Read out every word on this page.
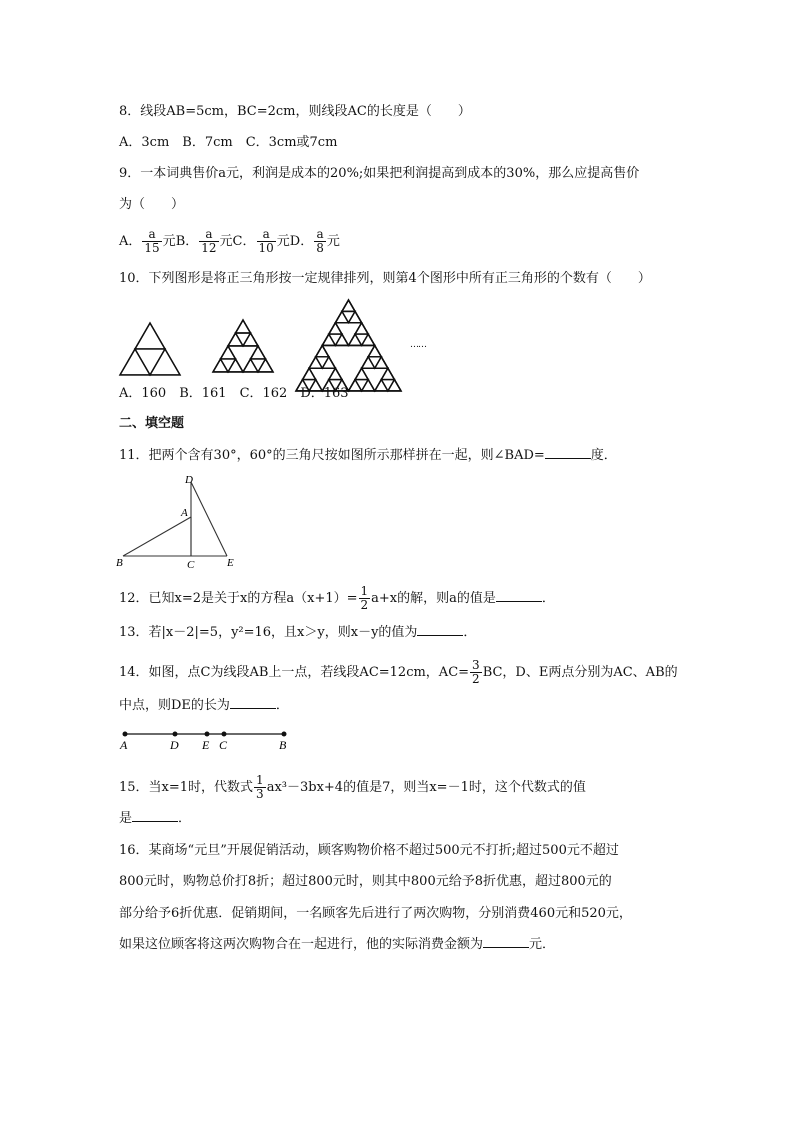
8．线段AB=5cm，BC=2cm，则线段AC的长度是（　　）
A．3cm　B．7cm　C．3cm或7cm
9．一本词典售价a元，利润是成本的20%;如果把利润提高到成本的30%，那么应提高售价
为（　　）
A． $\frac{a}{15}$ 元B． $\frac{a}{12}$ 元C． $\frac{a}{10}$ 元D． $\frac{a}{8}$ 元
10．下列图形是将正三角形按一定规律排列，则第4个图形中所有正三角形的个数有（　　）
……
A．160　B．161　C．162　D．163
二、填空题
11．把两个含有30°，60°的三角尺按如图所示那样拼在一起，则∠BAD=	度．
D
A
B	C	E
12．已知x=2是关于x的方程$a(x+1)= \frac{1}{2} a+x$的解，则a的值是	．
13．若|x－2|=5，y²=16，且x＞y，则x－y的值为	．
14．如图，点C为线段AB上一点，若线段AC=12cm，$AC= \frac{3}{2}$ BC，D、E两点分别为AC、AB的
中点，则DE的长为	．
A	D E C	B
15．当x=1时，代数式 $\frac{1}{3} ax^3-3bx+4$的值是7，则当x=－1时，这个代数式的值
是	．
16．某商场“元旦”开展促销活动，顾客购物价格不超过500元不打折;超过500元不超过
800元时，购物总价打8折；超过800元时，则其中800元给予8折优惠，超过800元的
部分给予6折优惠．促销期间，一名顾客先后进行了两次购物，分别消费460元和520元，
如果这位顾客将这两次购物合在一起进行，他的实际消费金额为	元．
